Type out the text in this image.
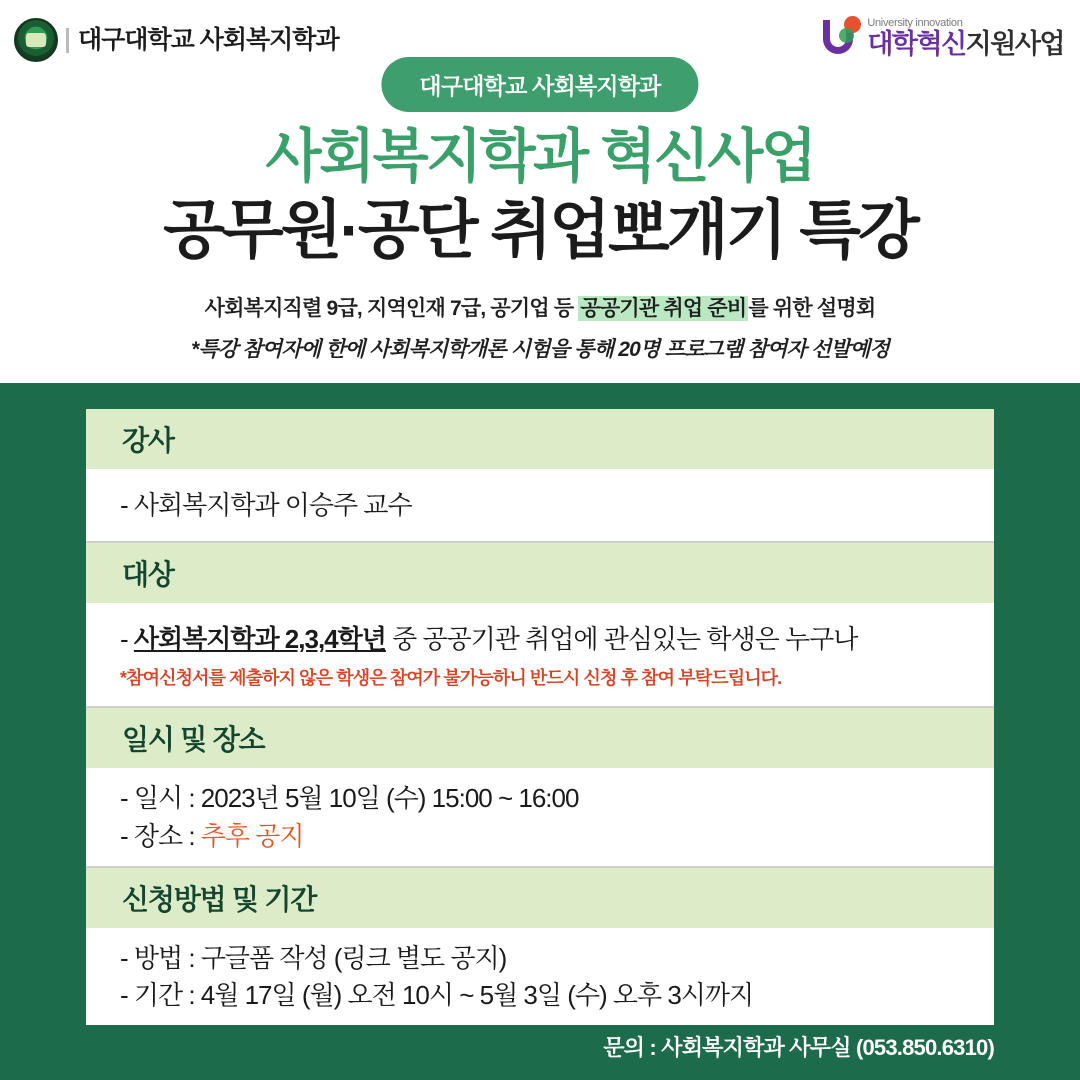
대구대학교 사회복지학과
University innovation
대학혁신지원사업
대구대학교 사회복지학과
사회복지학과 혁신사업
공무원·공단 취업뽀개기 특강
사회복지직렬 9급, 지역인재 7급, 공기업 등 공공기관 취업 준비를 위한 설명회
*특강 참여자에 한에 사회복지학개론 시험을 통해 20명 프로그램 참여자 선발예정
강사
- 사회복지학과 이승주 교수
대상
- 사회복지학과 2,3,4학년 중 공공기관 취업에 관심있는 학생은 누구나
*참여신청서를 제출하지 않은 학생은 참여가 불가능하니 반드시 신청 후 참여 부탁드립니다.
일시 및 장소
- 일시 : 2023년 5월 10일 (수) 15:00 ~ 16:00
- 장소 : 추후 공지
신청방법 및 기간
- 방법 : 구글폼 작성 (링크 별도 공지)
- 기간 : 4월 17일 (월) 오전 10시 ~ 5월 3일 (수) 오후 3시까지
문의 : 사회복지학과 사무실 (053.850.6310)
